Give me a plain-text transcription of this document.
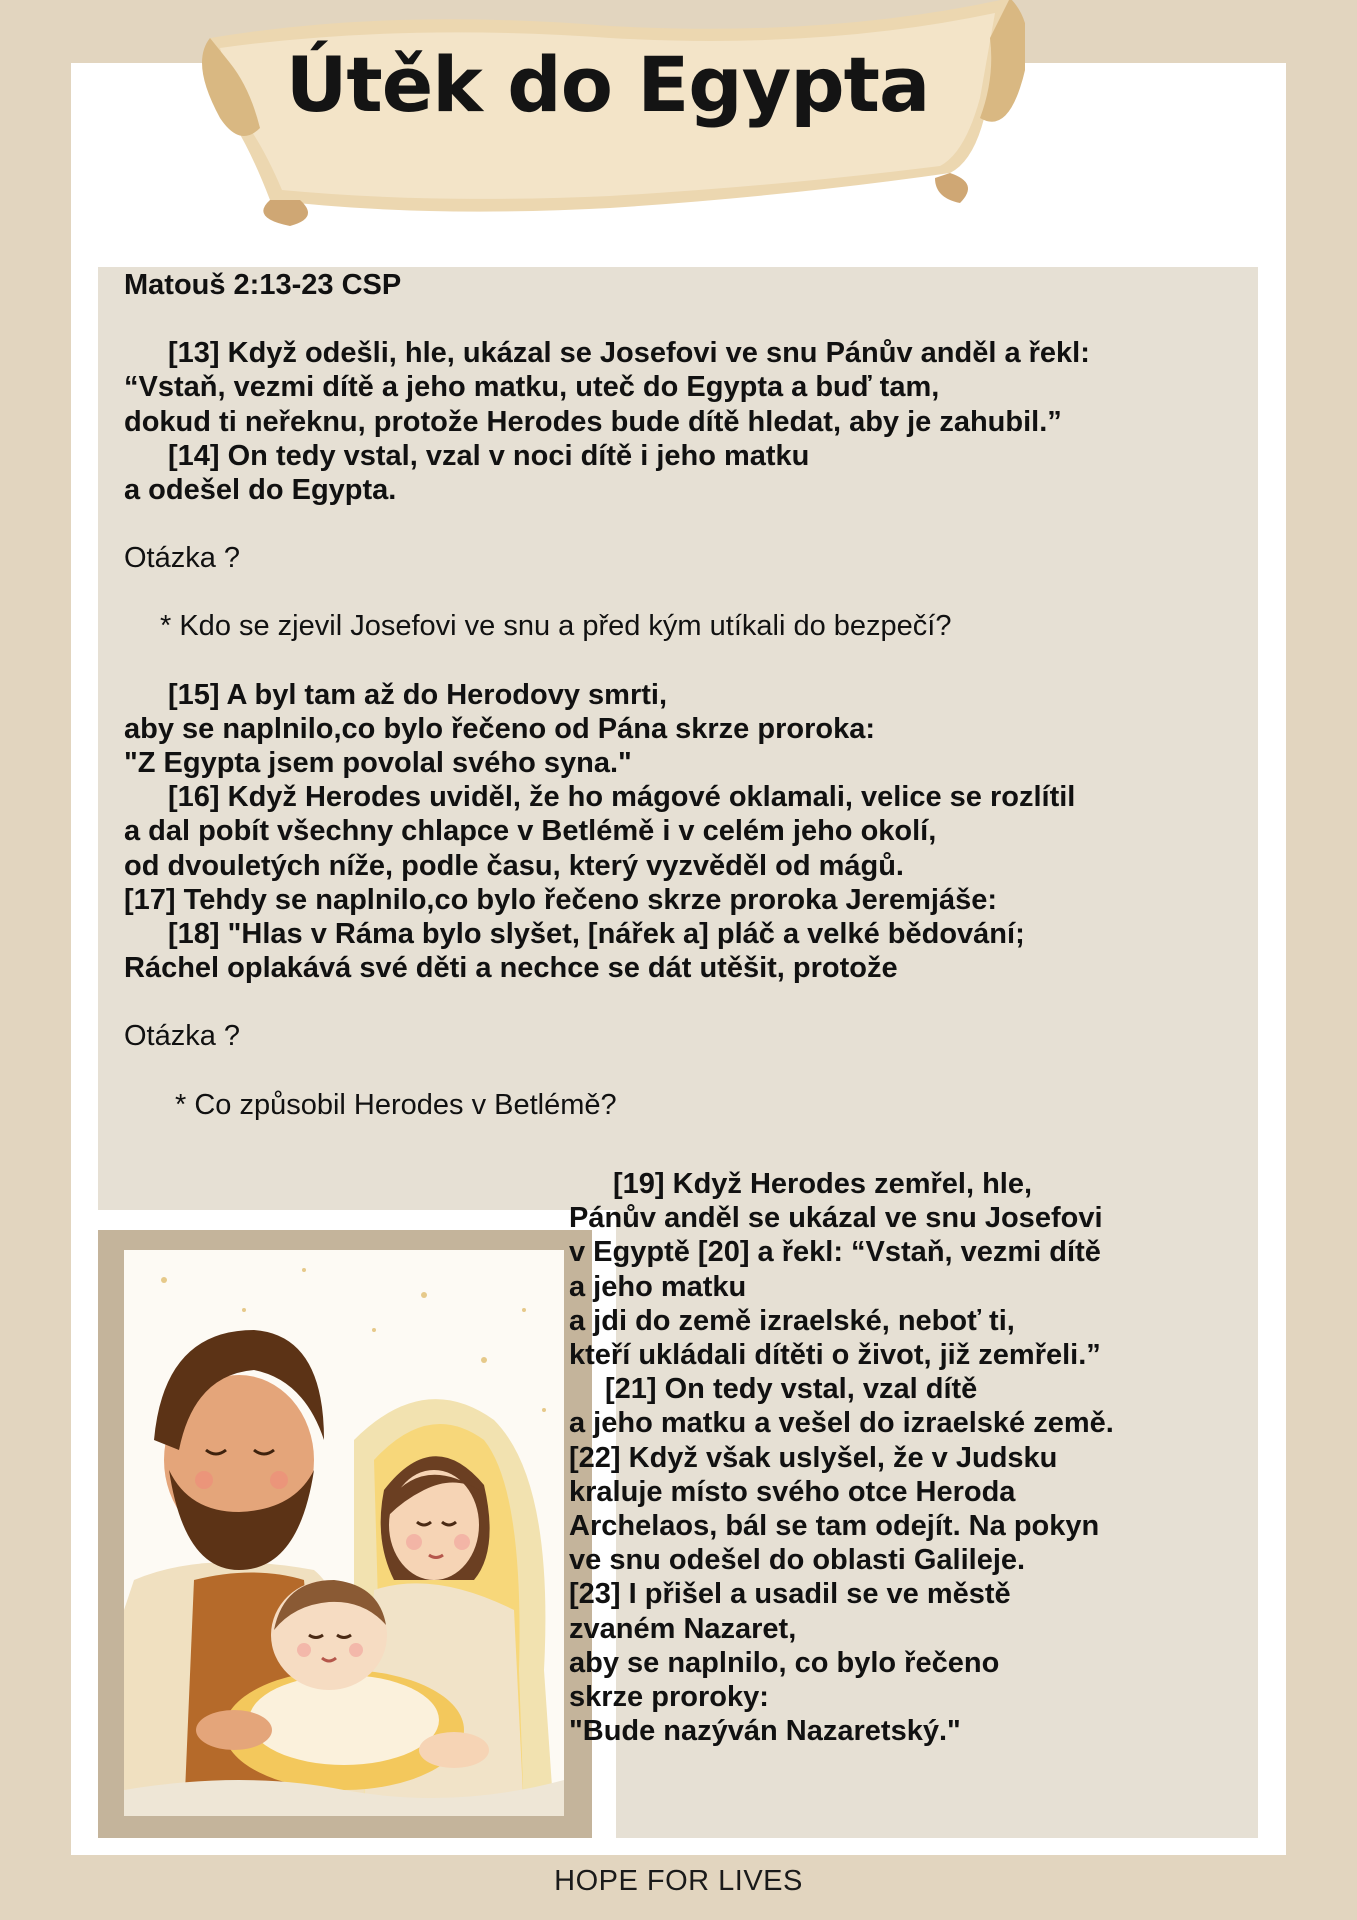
Útěk do Egypta
Matouš 2:13-23 CSP
[13] Když odešli, hle, ukázal se Josefovi ve snu Pánův anděl a řekl:
“Vstaň, vezmi dítě a jeho matku, uteč do Egypta a buď tam,
dokud ti neřeknu, protože Herodes bude dítě hledat, aby je zahubil.”
[14] On tedy vstal, vzal v noci dítě i jeho matku
a odešel do Egypta.
Otázka ?
* Kdo se zjevil Josefovi ve snu a před kým utíkali do bezpečí?
[15] A byl tam až do Herodovy smrti,
aby se naplnilo,co bylo řečeno od Pána skrze proroka:
"Z Egypta jsem povolal svého syna."
[16] Když Herodes uviděl, že ho mágové oklamali, velice se rozlítil
a dal pobít všechny chlapce v Betlémě i v celém jeho okolí,
od dvouletých níže, podle času, který vyzvěděl od mágů.
[17] Tehdy se naplnilo,co bylo řečeno skrze proroka Jeremjáše:
[18] "Hlas v Ráma bylo slyšet, [nářek a] pláč a velké bědování;
Ráchel oplakává své děti a nechce se dát utěšit, protože
Otázka ?
* Co způsobil Herodes v Betlémě?
[19] Když Herodes zemřel, hle,
Pánův anděl se ukázal ve snu Josefovi
v Egyptě [20] a řekl: “Vstaň, vezmi dítě
a jeho matku
a jdi do země izraelské, neboť ti,
kteří ukládali dítěti o život, již zemřeli.”
[21] On tedy vstal, vzal dítě
a jeho matku a vešel do izraelské země.
[22] Když však uslyšel, že v Judsku
kraluje místo svého otce Heroda
Archelaos, bál se tam odejít. Na pokyn
ve snu odešel do oblasti Galileje.
[23] I přišel a usadil se ve městě
zvaném Nazaret,
aby se naplnilo, co bylo řečeno
skrze proroky:
"Bude nazýván Nazaretský."
HOPE FOR LIVES
